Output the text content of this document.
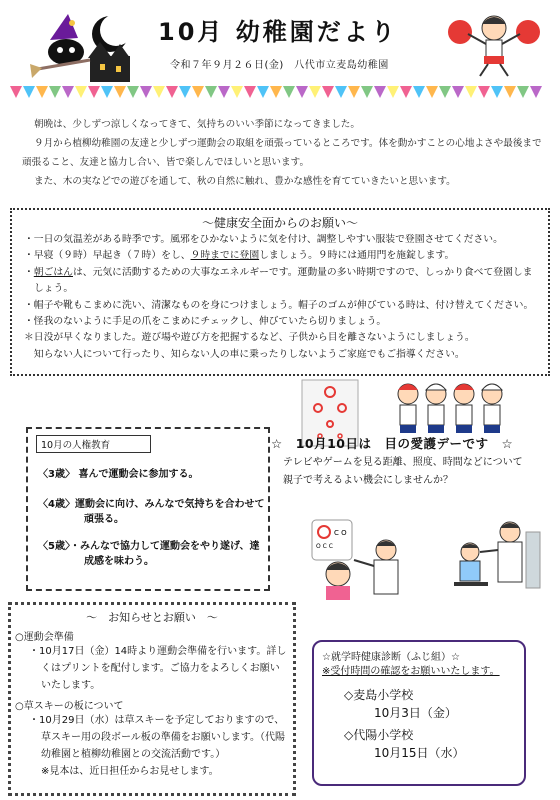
10月 幼稚園だより
令和７年９月２６日(金)　八代市立麦島幼稚園

朝晩は、少しずつ涼しくなってきて、気持ちのいい季節になってきました。

９月から植柳幼稚園の友達と少しずつ運動会の取組を頑張っているところです。体を動かすことの心地よさや最後まで頑張ること、友達と協力し合い、皆で楽しんでほしいと思います。

また、木の実などでの遊びを通して、秋の自然に触れ、豊かな感性を育てていきたいと思います。

〜健康安全面からのお願い〜
・一日の気温差がある時季です。風邪をひかないように気を付け、調整しやすい服装で登園させてください。
・早寝（９時）早起き（７時）をし、９時までに登園しましょう。９時には通用門を施錠します。
・朝ごはんは、元気に活動するための大事なエネルギーです。運動量の多い時期ですので、しっかり食べて登園しましょう。
・帽子や靴もこまめに洗い、清潔なものを身につけましょう。帽子のゴムが伸びている時は、付け替えてください。
・怪我のないように手足の爪をこまめにチェックし、伸びていたら切りましょう。
＊日没が早くなりました。遊び場や遊び方を把握するなど、子供から目を離さないようにしましょう。
　知らない人について行ったり、知らない人の車に乗ったりしないようご家庭でもご指導ください。
10月の人権教育
〈3歳〉 喜んで運動会に参加する。
〈4歳〉運動会に向け、みんなで気持ちを合わせて
頑張る。
〈5歳〉・みんなで協力して運動会をやり遂げ、達
成感を味わう。
☆　10月10日は　目の愛護デーです　☆
テレビやゲームを見る距離、照度、時間などについて
親子で考えるよい機会にしませんか？
C O
O C C
〜　お知らせとお願い　〜
○運動会準備
・10月17日（金）14時より運動会準備を行います。詳しくはプリントを配付します。ご協力をよろしくお願いいたします。
○草スキーの板について
・10月29日（水）は草スキーを予定しておりますので、草スキー用の段ボール板の準備をお願いします。（代陽幼稚園と植柳幼稚園との交流活動です。）
※見本は、近日担任からお見せします。
☆就学時健康診断（ふじ組）☆
※受付時間の確認をお願いいたします。
◇麦島小学校
10月3日（金）
◇代陽小学校
10月15日（水）
